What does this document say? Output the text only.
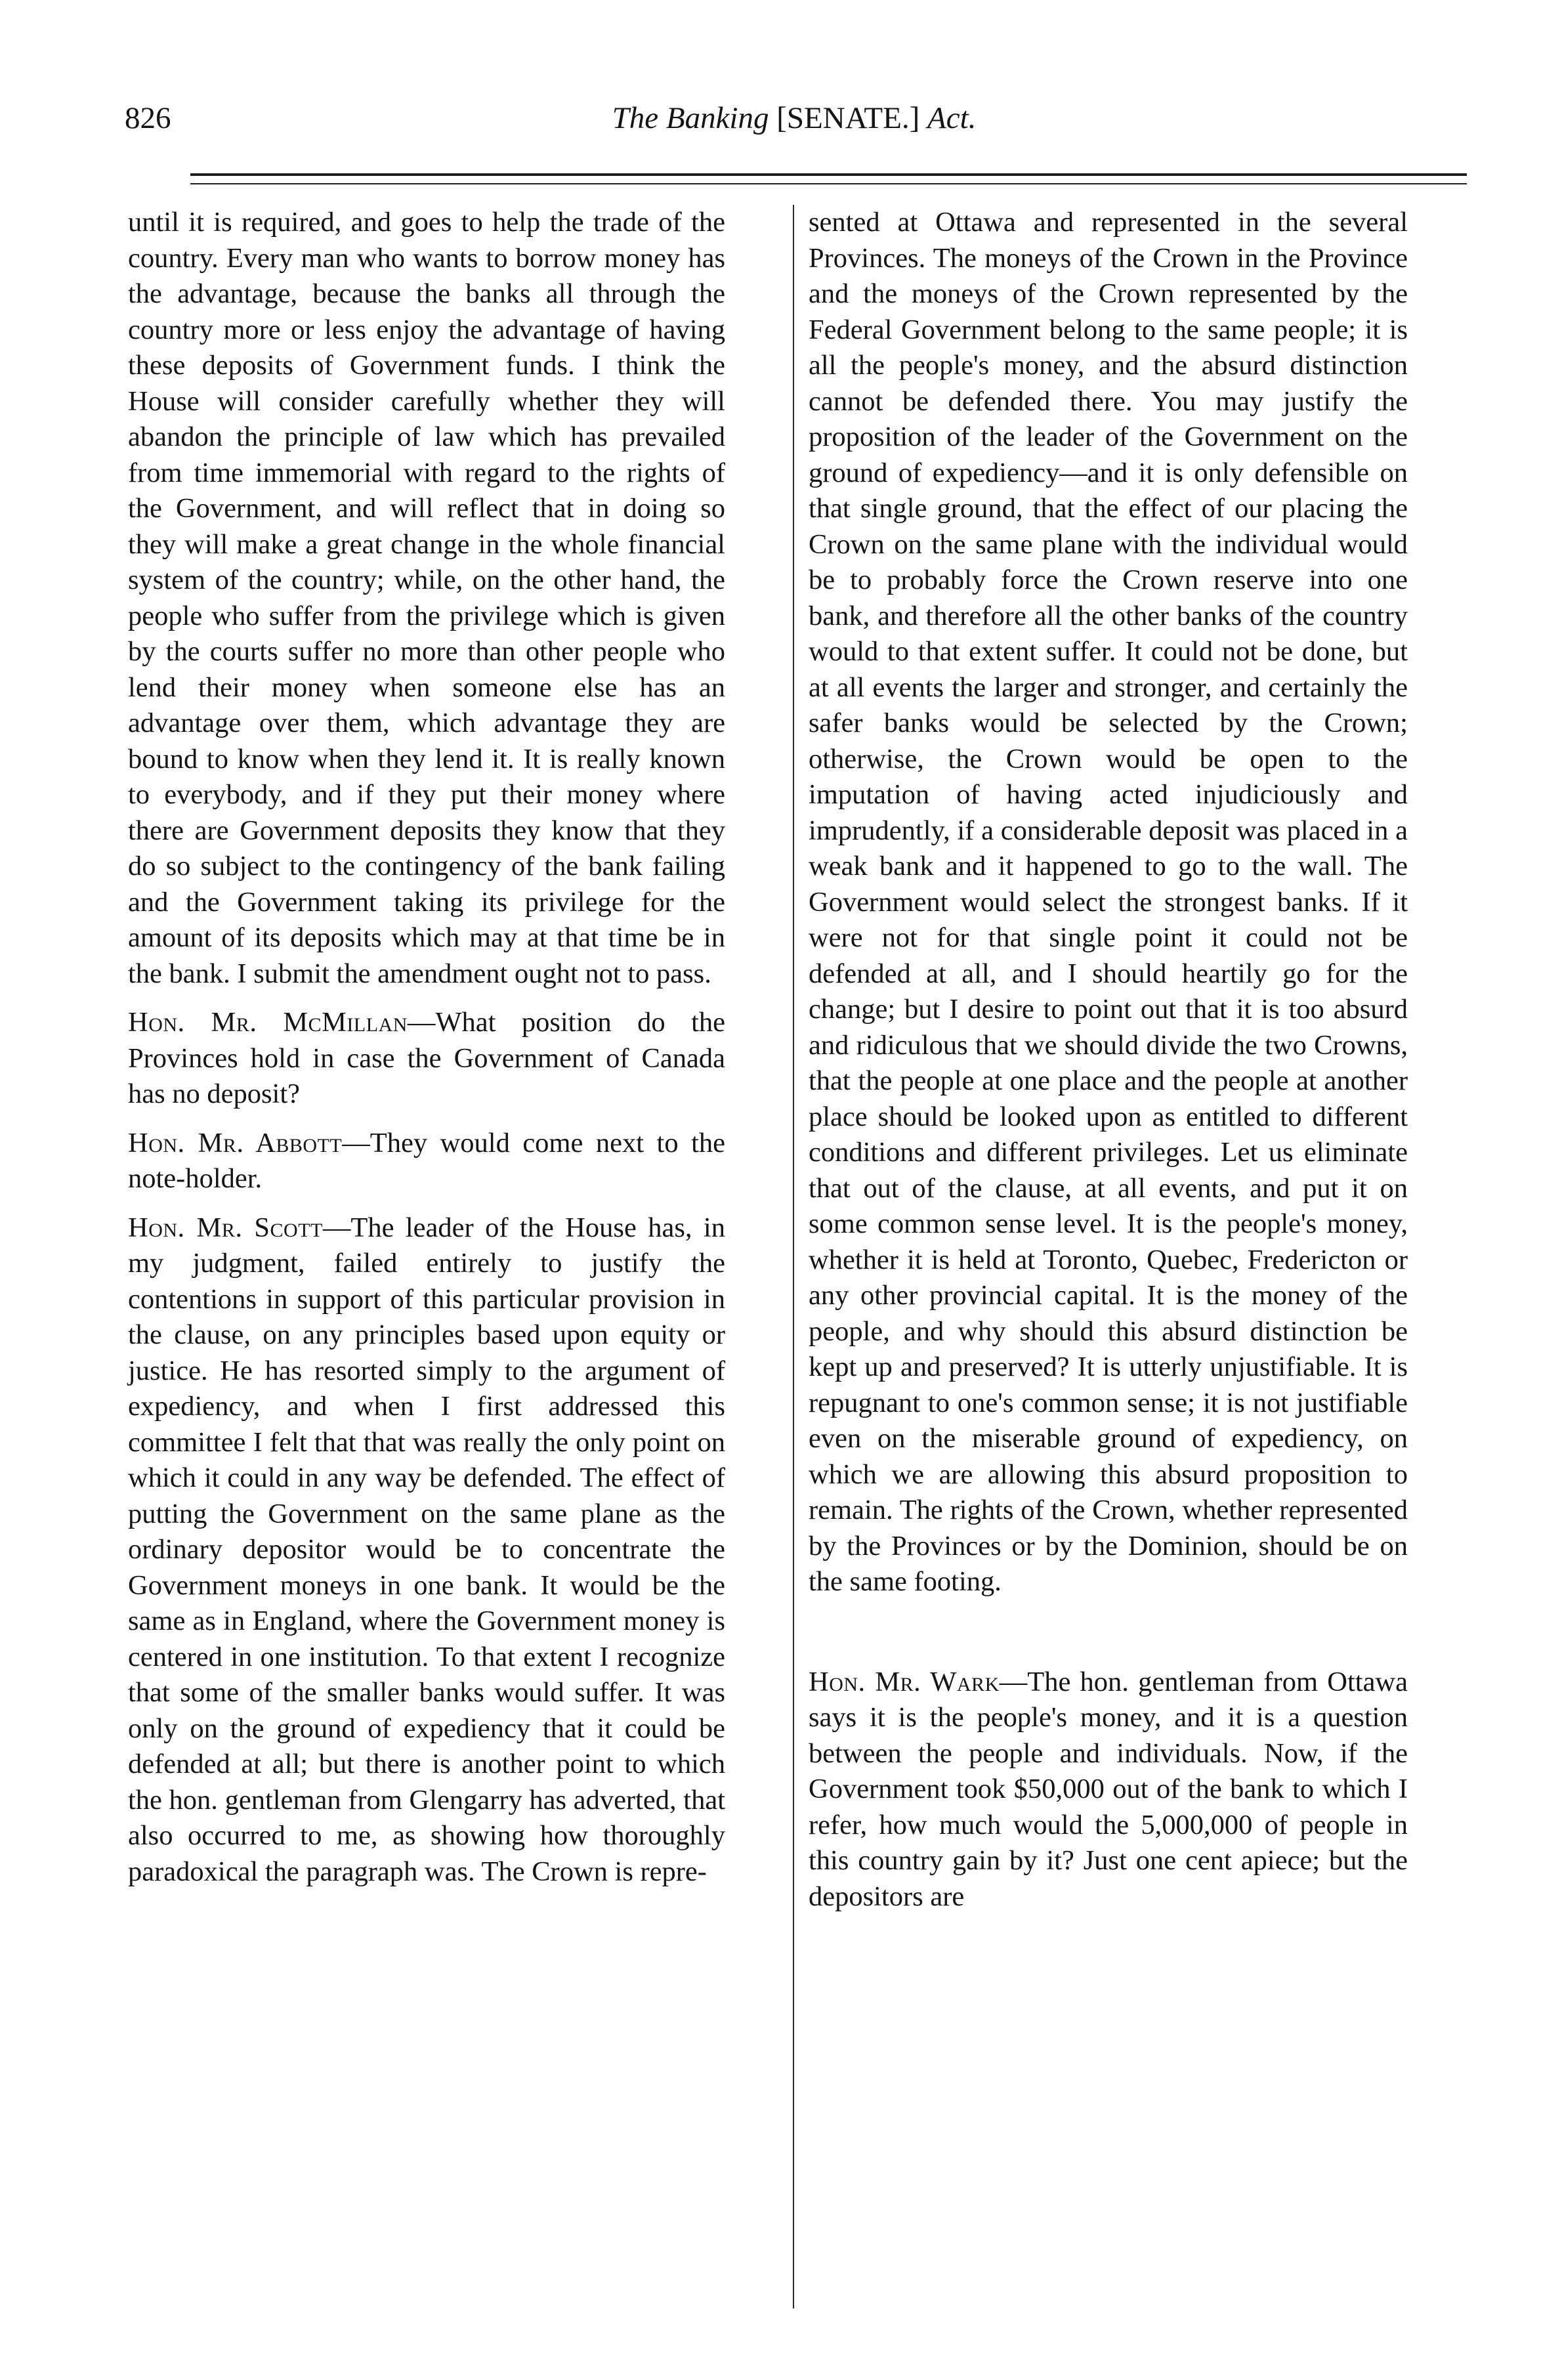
826	The Banking [SENATE.] Act.

until it is required, and goes to help the trade of the country. Every man who wants to borrow money has the advantage, because the banks all through the country more or less enjoy the advantage of having these deposits of Government funds. I think the House will consider carefully whether they will abandon the principle of law which has prevailed from time immemorial with regard to the rights of the Government, and will reflect that in doing so they will make a great change in the whole financial system of the country; while, on the other hand, the people who suffer from the privilege which is given by the courts suffer no more than other people who lend their money when someone else has an advantage over them, which advantage they are bound to know when they lend it. It is really known to everybody, and if they put their money where there are Government deposits they know that they do so subject to the contingency of the bank failing and the Government taking its privilege for the amount of its deposits which may at that time be in the bank. I submit the amendment ought not to pass.

Hon. Mr. McMillan—What position do the Provinces hold in case the Government of Canada has no deposit?

Hon. Mr. Abbott—They would come next to the note-holder.

Hon. Mr. Scott—The leader of the House has, in my judgment, failed entirely to justify the contentions in support of this particular provision in the clause, on any principles based upon equity or justice. He has resorted simply to the argument of expediency, and when I first addressed this committee I felt that that was really the only point on which it could in any way be defended. The effect of putting the Government on the same plane as the ordinary depositor would be to concentrate the Government moneys in one bank. It would be the same as in England, where the Government money is centered in one institution. To that extent I recognize that some of the smaller banks would suffer. It was only on the ground of expediency that it could be defended at all; but there is another point to which the hon. gentleman from Glengarry has adverted, that also occurred to me, as showing how thoroughly paradoxical the paragraph was. The Crown is repre-

sented at Ottawa and represented in the several Provinces. The moneys of the Crown in the Province and the moneys of the Crown represented by the Federal Government belong to the same people; it is all the people's money, and the absurd distinction cannot be defended there. You may justify the proposition of the leader of the Government on the ground of expediency—and it is only defensible on that single ground, that the effect of our placing the Crown on the same plane with the individual would be to probably force the Crown reserve into one bank, and therefore all the other banks of the country would to that extent suffer. It could not be done, but at all events the larger and stronger, and certainly the safer banks would be selected by the Crown; otherwise, the Crown would be open to the imputation of having acted injudiciously and imprudently, if a considerable deposit was placed in a weak bank and it happened to go to the wall. The Government would select the strongest banks. If it were not for that single point it could not be defended at all, and I should heartily go for the change; but I desire to point out that it is too absurd and ridiculous that we should divide the two Crowns, that the people at one place and the people at another place should be looked upon as entitled to different conditions and different privileges. Let us eliminate that out of the clause, at all events, and put it on some common sense level. It is the people's money, whether it is held at Toronto, Quebec, Fredericton or any other provincial capital. It is the money of the people, and why should this absurd distinction be kept up and preserved? It is utterly unjustifiable. It is repugnant to one's common sense; it is not justifiable even on the miserable ground of expediency, on which we are allowing this absurd proposition to remain. The rights of the Crown, whether represented by the Provinces or by the Dominion, should be on the same footing.

Hon. Mr. Wark—The hon. gentleman from Ottawa says it is the people's money, and it is a question between the people and individuals. Now, if the Government took $50,000 out of the bank to which I refer, how much would the 5,000,000 of people in this country gain by it? Just one cent apiece; but the depositors are
